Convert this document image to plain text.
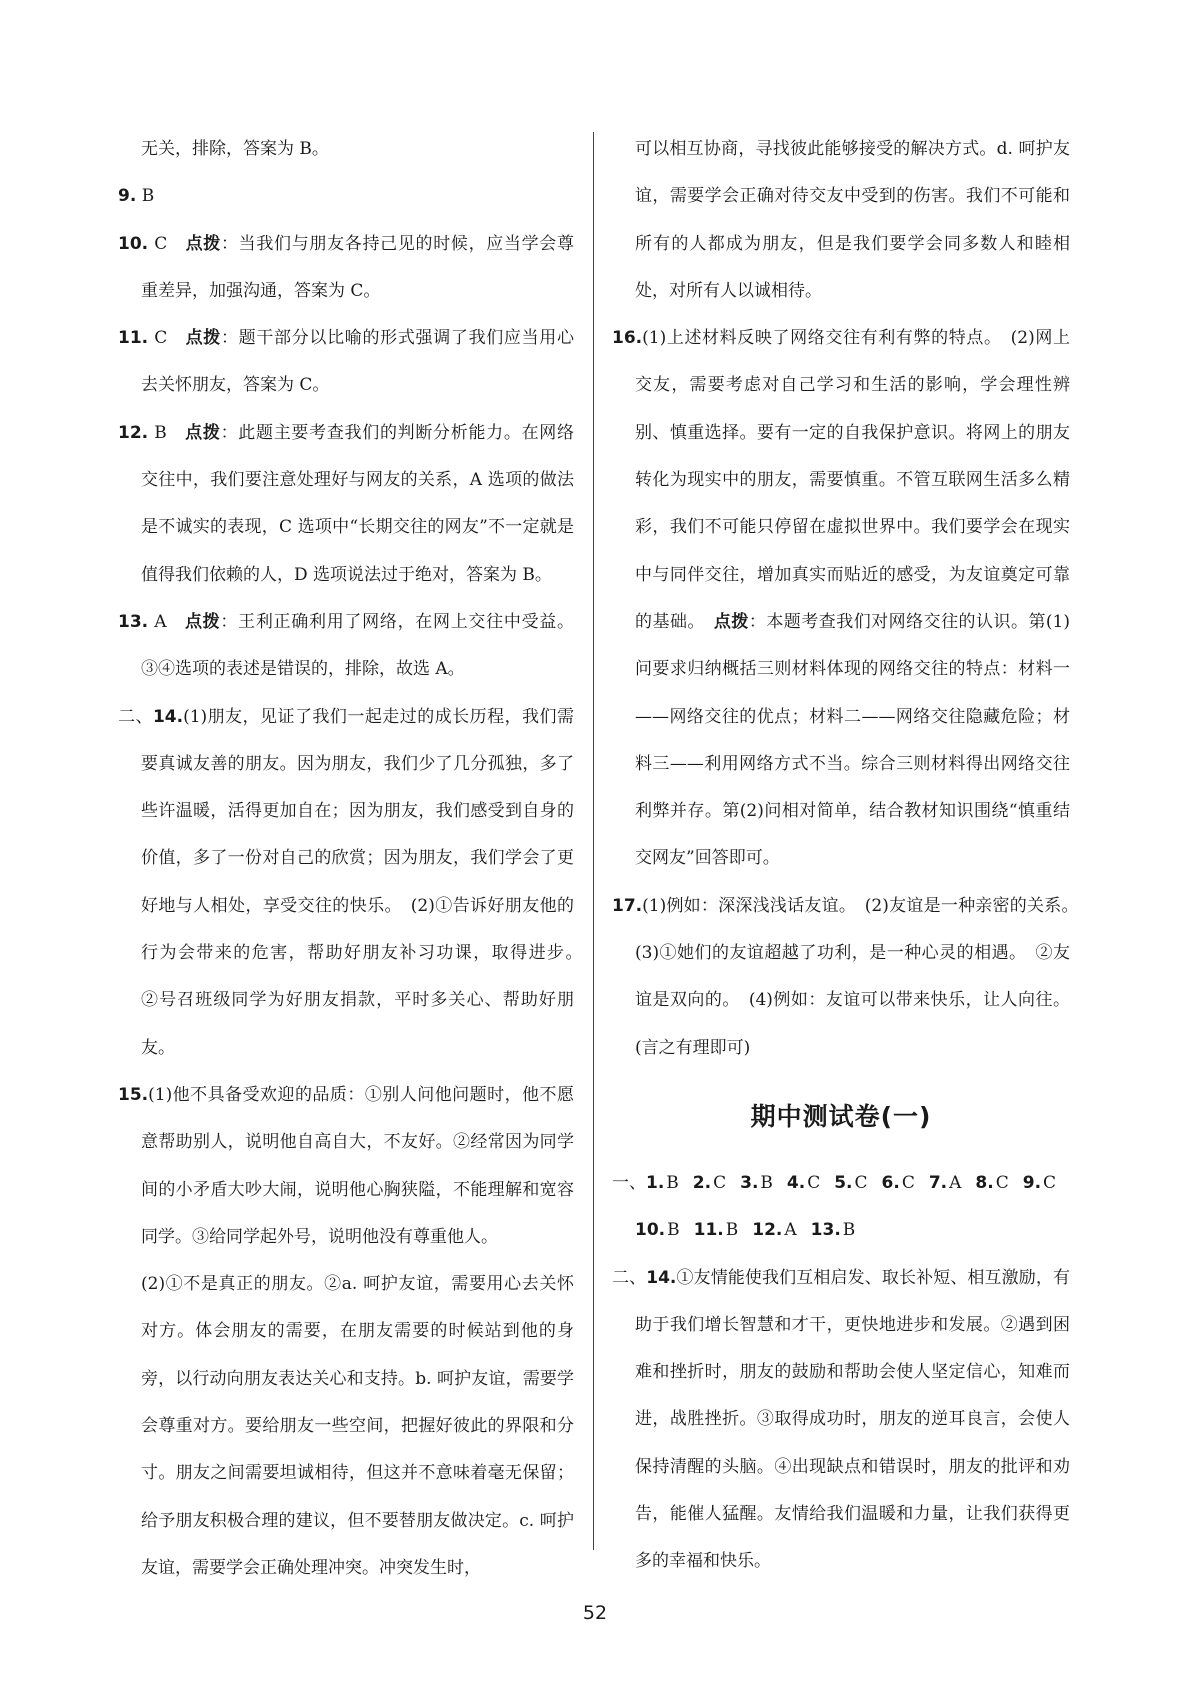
无关，排除，答案为 B。

9. B

10. C　点拨：当我们与朋友各持己见的时候，应当学会尊重差异，加强沟通，答案为 C。

11. C　点拨：题干部分以比喻的形式强调了我们应当用心去关怀朋友，答案为 C。

12. B　点拨：此题主要考查我们的判断分析能力。在网络交往中，我们要注意处理好与网友的关系，A 选项的做法是不诚实的表现，C 选项中“长期交往的网友”不一定就是值得我们依赖的人，D 选项说法过于绝对，答案为 B。

13. A　点拨：王利正确利用了网络，在网上交往中受益。③④选项的表述是错误的，排除，故选 A。

二、14.(1)朋友，见证了我们一起走过的成长历程，我们需要真诚友善的朋友。因为朋友，我们少了几分孤独，多了些许温暖，活得更加自在；因为朋友，我们感受到自身的价值，多了一份对自己的欣赏；因为朋友，我们学会了更好地与人相处，享受交往的快乐。　(2)①告诉好朋友他的行为会带来的危害，帮助好朋友补习功课，取得进步。　②号召班级同学为好朋友捐款，平时多关心、帮助好朋友。

15.(1)他不具备受欢迎的品质：①别人问他问题时，他不愿意帮助别人，说明他自高自大，不友好。②经常因为同学间的小矛盾大吵大闹，说明他心胸狭隘，不能理解和宽容同学。③给同学起外号，说明他没有尊重他人。

(2)①不是真正的朋友。②a. 呵护友谊，需要用心去关怀对方。体会朋友的需要，在朋友需要的时候站到他的身旁，以行动向朋友表达关心和支持。b. 呵护友谊，需要学会尊重对方。要给朋友一些空间，把握好彼此的界限和分寸。朋友之间需要坦诚相待，但这并不意味着毫无保留；给予朋友积极合理的建议，但不要替朋友做决定。c. 呵护友谊，需要学会正确处理冲突。冲突发生时，

可以相互协商，寻找彼此能够接受的解决方式。d. 呵护友谊，需要学会正确对待交友中受到的伤害。我们不可能和所有的人都成为朋友，但是我们要学会同多数人和睦相处，对所有人以诚相待。

16.(1)上述材料反映了网络交往有利有弊的特点。　(2)网上交友，需要考虑对自己学习和生活的影响，学会理性辨别、慎重选择。要有一定的自我保护意识。将网上的朋友转化为现实中的朋友，需要慎重。不管互联网生活多么精彩，我们不可能只停留在虚拟世界中。我们要学会在现实中与同伴交往，增加真实而贴近的感受，为友谊奠定可靠的基础。　点拨：本题考查我们对网络交往的认识。第(1)问要求归纳概括三则材料体现的网络交往的特点：材料一——网络交往的优点；材料二——网络交往隐藏危险；材料三——利用网络方式不当。综合三则材料得出网络交往利弊并存。第(2)问相对简单，结合教材知识围绕“慎重结交网友”回答即可。

17.(1)例如：深深浅浅话友谊。　(2)友谊是一种亲密的关系。　(3)①她们的友谊超越了功利，是一种心灵的相遇。　②友谊是双向的。　(4)例如：友谊可以带来快乐，让人向往。(言之有理即可)

期中测试卷(一)

一、1. B 2. C 3. B 4. C 5. C 6. C 7. A 8. C 9. C

10. B 11. B 12. A 13. B

二、14.①友情能使我们互相启发、取长补短、相互激励，有助于我们增长智慧和才干，更快地进步和发展。②遇到困难和挫折时，朋友的鼓励和帮助会使人坚定信心，知难而进，战胜挫折。③取得成功时，朋友的逆耳良言，会使人保持清醒的头脑。④出现缺点和错误时，朋友的批评和劝告，能催人猛醒。友情给我们温暖和力量，让我们获得更多的幸福和快乐。

52
